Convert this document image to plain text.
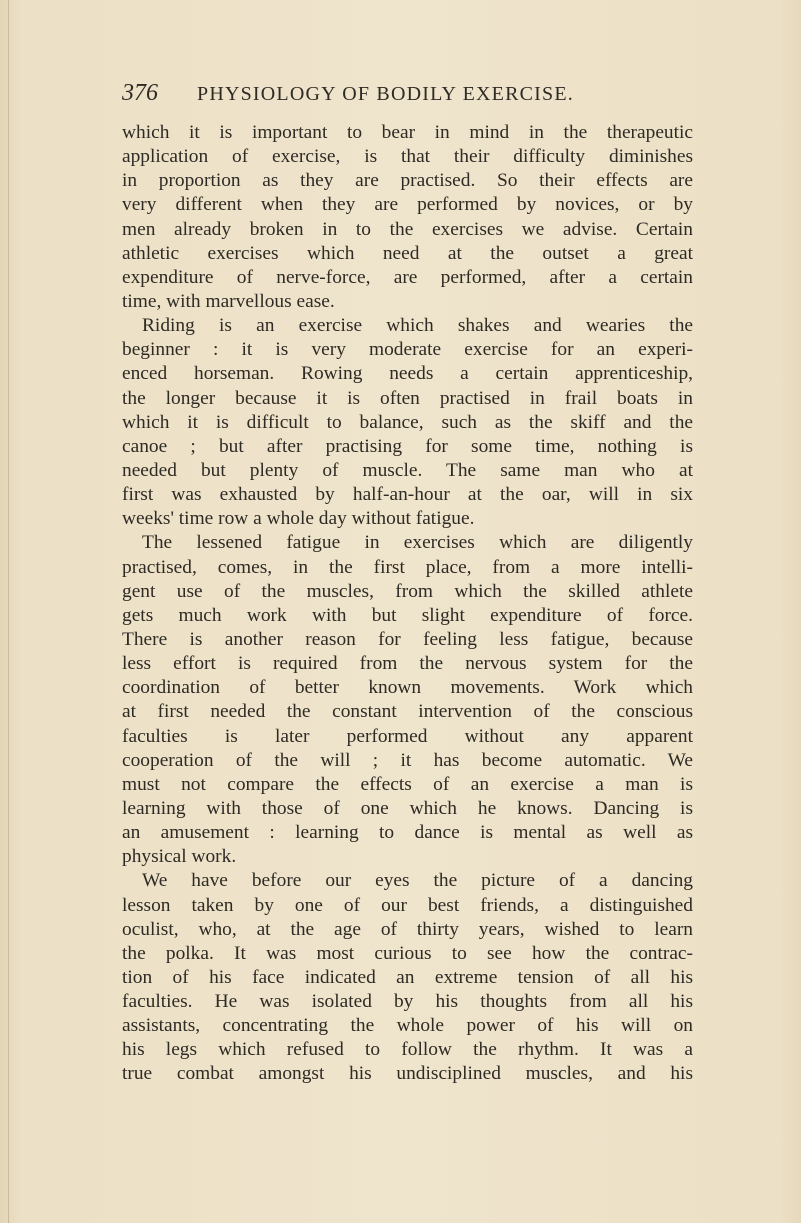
376 PHYSIOLOGY OF BODILY EXERCISE.
which it is important to bear in mind in the therapeutic
application of exercise, is that their difficulty diminishes
in proportion as they are practised. So their effects are
very different when they are performed by novices, or by
men already broken in to the exercises we advise. Certain
athletic exercises which need at the outset a great
expenditure of nerve-force, are performed, after a certain
time, with marvellous ease.
Riding is an exercise which shakes and wearies the
beginner : it is very moderate exercise for an experi-
enced horseman. Rowing needs a certain apprenticeship,
the longer because it is often practised in frail boats in
which it is difficult to balance, such as the skiff and the
canoe ; but after practising for some time, nothing is
needed but plenty of muscle. The same man who at
first was exhausted by half-an-hour at the oar, will in six
weeks' time row a whole day without fatigue.
The lessened fatigue in exercises which are diligently
practised, comes, in the first place, from a more intelli-
gent use of the muscles, from which the skilled athlete
gets much work with but slight expenditure of force.
There is another reason for feeling less fatigue, because
less effort is required from the nervous system for the
coordination of better known movements. Work which
at first needed the constant intervention of the conscious
faculties is later performed without any apparent
cooperation of the will ; it has become automatic. We
must not compare the effects of an exercise a man is
learning with those of one which he knows. Dancing is
an amusement : learning to dance is mental as well as
physical work.
We have before our eyes the picture of a dancing
lesson taken by one of our best friends, a distinguished
oculist, who, at the age of thirty years, wished to learn
the polka. It was most curious to see how the contrac-
tion of his face indicated an extreme tension of all his
faculties. He was isolated by his thoughts from all his
assistants, concentrating the whole power of his will on
his legs which refused to follow the rhythm. It was a
true combat amongst his undisciplined muscles, and his
